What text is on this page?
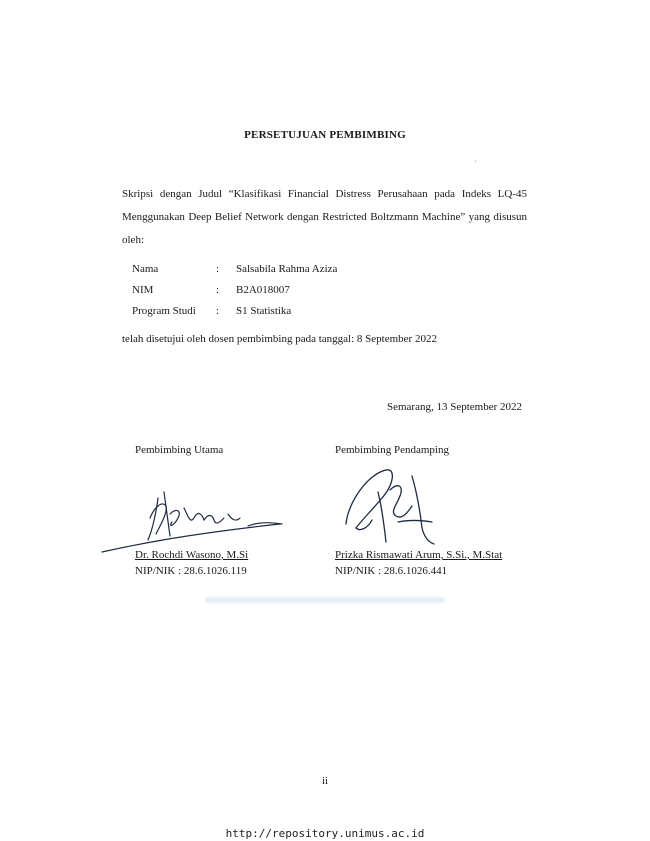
PERSETUJUAN PEMBIMBING
·
Skripsi dengan Judul “Klasifikasi Financial Distress Perusahaan pada Indeks LQ-45 Menggunakan Deep Belief Network dengan Restricted Boltzmann Machine” yang disusun oleh:
Nama	:	Salsabila Rahma Aziza
NIM	:	B2A018007
Program Studi	:	S1 Statistika
telah disetujui oleh dosen pembimbing pada tanggal: 8 September 2022
Semarang, 13 September 2022
Pembimbing Utama
Dr. Rochdi Wasono, M.Si
NIP/NIK : 28.6.1026.119
Pembimbing Pendamping
Prizka Rismawati Arum, S.Si., M.Stat
NIP/NIK : 28.6.1026.441
ii
http://repository.unimus.ac.id
